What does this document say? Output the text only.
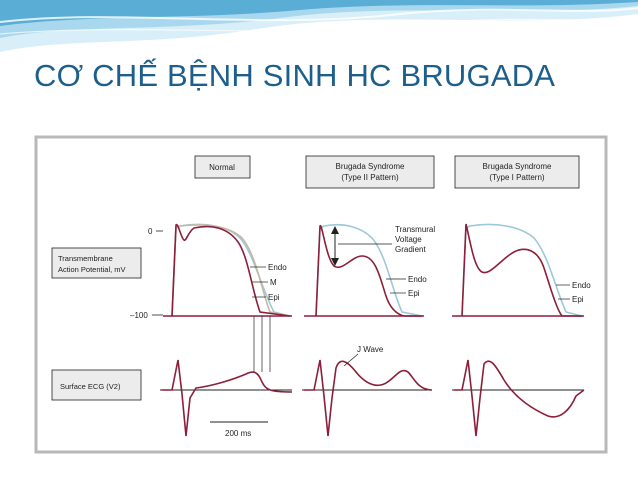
CƠ CHẾ BỆNH SINH HC BRUGADA
Normal	Brugada Syndrome
(Type II Pattern)
Brugada Syndrome
(Type I Pattern)
Transmembrane
Action Potential, mV
Surface ECG (V2)
0
–100
Endo
M
Epi
Transmural
Voltage
Gradient
Endo
Epi
Endo
Epi
J Wave
200 ms
